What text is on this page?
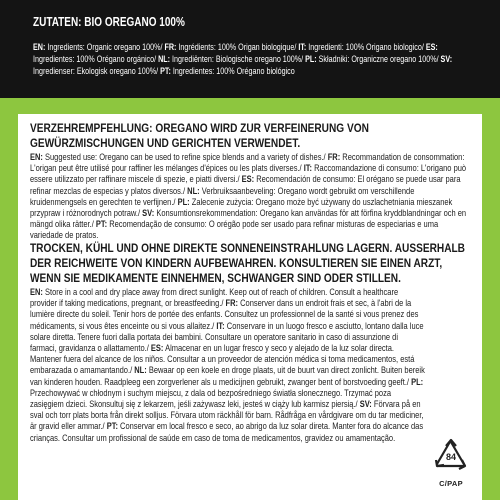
ZUTATEN: BIO OREGANO 100%
EN: Ingredients: Organic oregano 100%/ FR: Ingrédients: 100% Origan biologique/ IT: Ingredienti: 100% Origano biologico/ ES: Ingredientes: 100% Orégano orgánico/ NL: Ingrediënten: Biologische oregano 100%/ PL: Składniki: Organiczne oregano 100%/ SV: Ingredienser: Ekologisk oregano 100%/ PT: Ingredientes: 100% Orégano biológico
VERZEHREMPFEHLUNG: OREGANO WIRD ZUR VERFEINERUNG VON GEWÜRZMISCHUNGEN UND GERICHTEN VERWENDET.
EN: Suggested use: Oregano can be used to refine spice blends and a variety of dishes./ FR: Recommandation de consommation: L'origan peut être utilisé pour raffiner les mélanges d'épices ou les plats diverses./ IT: Raccomandazione di consumo: L'origano può essere utilizzato per raffinare miscele di spezie, e piatti diversi./ ES: Recomendación de consumo: El orégano se puede usar para refinar mezclas de especias y platos diversos./ NL: Verbruiksaanbeveling: Oregano wordt gebruikt om verschillende kruidenmengsels en gerechten te verfijnen./ PL: Zalecenie zużycia: Oregano może być używany do uszlachetniania mieszanek przypraw i różnorodnych potraw./ SV: Konsumtionsrekommendation: Oregano kan användas för att förfina kryddblandningar och en mängd olika rätter./ PT: Recomendação de consumo: O orégão pode ser usado para refinar misturas de especiarias e uma variedade de pratos.
TROCKEN, KÜHL UND OHNE DIREKTE SONNENEINSTRAHLUNG LAGERN. AUSSERHALB DER REICHWEITE VON KINDERN AUFBEWAHREN. KONSULTIEREN SIE EINEN ARZT, WENN SIE MEDIKAMENTE EINNEHMEN, SCHWANGER SIND ODER STILLEN.
EN: Store in a cool and dry place away from direct sunlight. Keep out of reach of children. Consult a healthcare provider if taking medications, pregnant, or breastfeeding./ FR: Conserver dans un endroit frais et sec, à l'abri de la lumière directe du soleil. Tenir hors de portée des enfants. Consultez un professionnel de la santé si vous prenez des médicaments, si vous êtes enceinte ou si vous allaitez./ IT: Conservare in un luogo fresco e asciutto, lontano dalla luce solare diretta. Tenere fuori dalla portata dei bambini. Consultare un operatore sanitario in caso di assunzione di farmaci, gravidanza o allattamento./ ES: Almacenar en un lugar fresco y seco y alejado de la luz solar directa. Mantener fuera del alcance de los niños. Consultar a un proveedor de atención médica si toma medicamentos, está embarazada o amamantando./ NL: Bewaar op een koele en droge plaats, uit de buurt van direct zonlicht. Buiten bereik van kinderen houden. Raadpleeg een zorgverlener als u medicijnen gebruikt, zwanger bent of borstvoeding geeft./ PL: Przechowywać w chłodnym i suchym miejscu, z dala od bezpośredniego światła słonecznego. Trzymać poza zasięgiem dzieci. Skonsultuj się z lekarzem, jeśli zażywasz leki, jesteś w ciąży lub karmisz piersią./ SV: Förvara på en sval och torr plats borta från direkt solljus. Förvara utom räckhåll för barn. Rådfråga en vårdgivare om du tar mediciner, är gravid eller ammar./ PT: Conservar em local fresco e seco, ao abrigo da luz solar direta. Manter fora do alcance das crianças. Consultar um profissional de saúde em caso de toma de medicamentos, gravidez ou amamentação.
84
C/PAP
